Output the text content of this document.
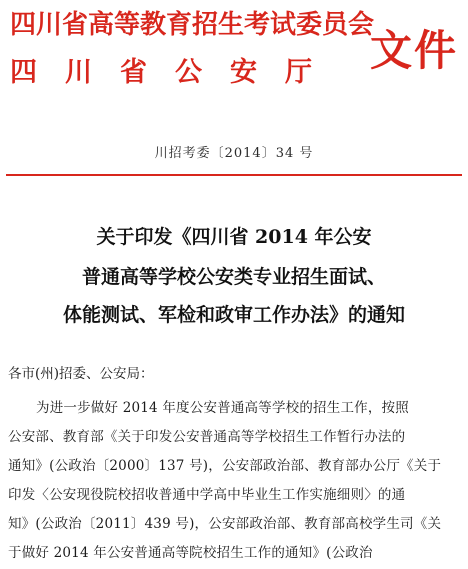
四川省高等教育招生考试委员会
四川省公安厅 文件
川招考委〔2014〕34 号
关于印发《四川省 2014 年公安
普通高等学校公安类专业招生面试、
体能测试、军检和政审工作办法》的通知
各市(州)招委、公安局：
为进一步做好 2014 年度公安普通高等学校的招生工作，按照
公安部、教育部《关于印发公安普通高等学校招生工作暂行办法的
通知》(公政治〔2000〕137 号)，公安部政治部、教育部办公厅《关于
印发〈公安现役院校招收普通中学高中毕业生工作实施细则〉的通
知》(公政治〔2011〕439 号)，公安部政治部、教育部高校学生司《关
于做好 2014 年公安普通高等院校招生工作的通知》(公政治
